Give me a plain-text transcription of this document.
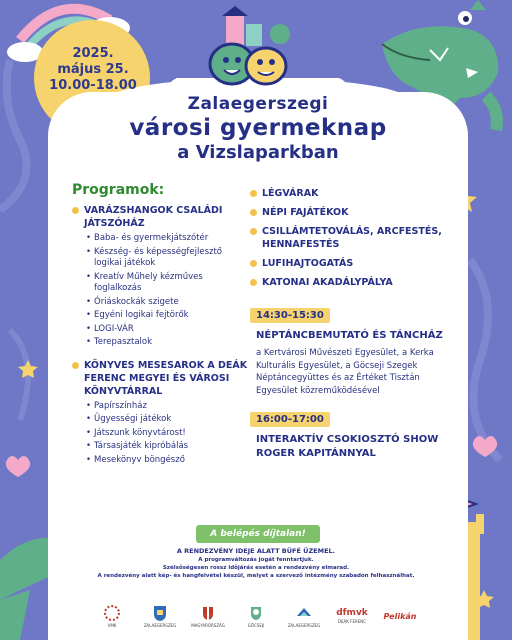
2025.
május 25.
10.00-18.00
Zalaegerszegi
városi gyermeknap
a Vizslaparkban
Programok:
VARÁZSHANGOK CSALÁDI JÁTSZÓHÁZ
• Baba- és gyermekjátszótér
• Készség- és képességfejlesztő logikai játékok
• Kreatív Műhely kézműves foglalkozás
• Óriáskockák szigete
• Egyéni logikai fejtörők
• LOGI-VÁR
• Terepasztalok
KÖNYVES MESESAROK A DEÁK FERENC MEGYEI ÉS VÁROSI KÖNYVTÁRRAL
• Papírszínház
• Ügyességi játékok
• Játszunk könyvtárost!
• Társasjáték kipróbálás
• Mesekönyv böngésző
LÉGVÁRAK
NÉPI FAJÁTÉKOK
CSILLÁMTETOVÁLÁS, ARCFESTÉS, HENNAFESTÉS
LUFIHAJTOGATÁS
KATONAI AKADÁLYPÁLYA
14:30-15:30
NÉPTÁNCBEMUTATÓ ÉS TÁNCHÁZ
a Kertvárosi Művészeti Egyesület, a Kerka Kulturális Egyesület, a Göcseji Szegek Néptáncegyüttes és az Értéket Tisztán Egyesület közreműködésével
16:00-17:00
INTERAKTÍV CSOKIOSZTÓ SHOW ROGER KAPITÁNNYAL
A belépés díjtalan!
A RENDEZVÉNY IDEJE ALATT BÜFÉ ÜZEMEL.
A programváltozás jogát fenntartjuk.
Szélsőségesen rossz időjárás esetén a rendezvény elmarad.
A rendezvény alatt kép- és hangfelvétel készül, melyet a szervező intézmény szabadon felhasználhat.
VMK	ZALAEGERSZEG	MAGYARORSZÁG	GÖCSEJI	ZALAEGERSZEG
dfmvk
DEÁK FERENC
Pelikán
